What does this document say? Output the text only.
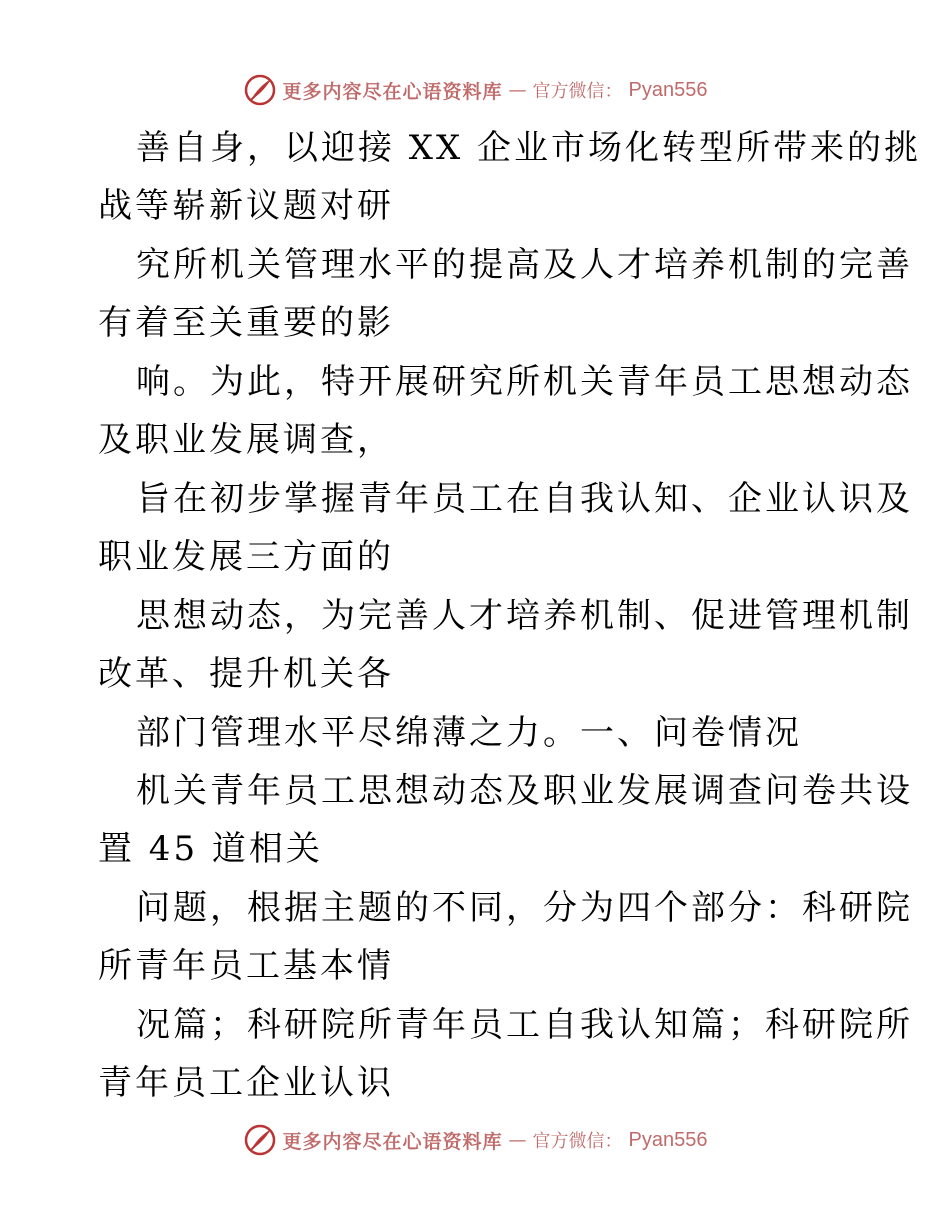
更多内容尽在心语资料库 — 官方微信： Pyan556
善自身，以迎接 XX 企业市场化转型所带来的挑
战等崭新议题对研
究所机关管理水平的提高及人才培养机制的完善
有着至关重要的影
响。为此，特开展研究所机关青年员工思想动态
及职业发展调查，
旨在初步掌握青年员工在自我认知、企业认识及
职业发展三方面的
思想动态，为完善人才培养机制、促进管理机制
改革、提升机关各
部门管理水平尽绵薄之力。一、问卷情况
机关青年员工思想动态及职业发展调查问卷共设
置 45 道相关
问题，根据主题的不同，分为四个部分：科研院
所青年员工基本情
况篇；科研院所青年员工自我认知篇；科研院所
青年员工企业认识
更多内容尽在心语资料库 — 官方微信： Pyan556
